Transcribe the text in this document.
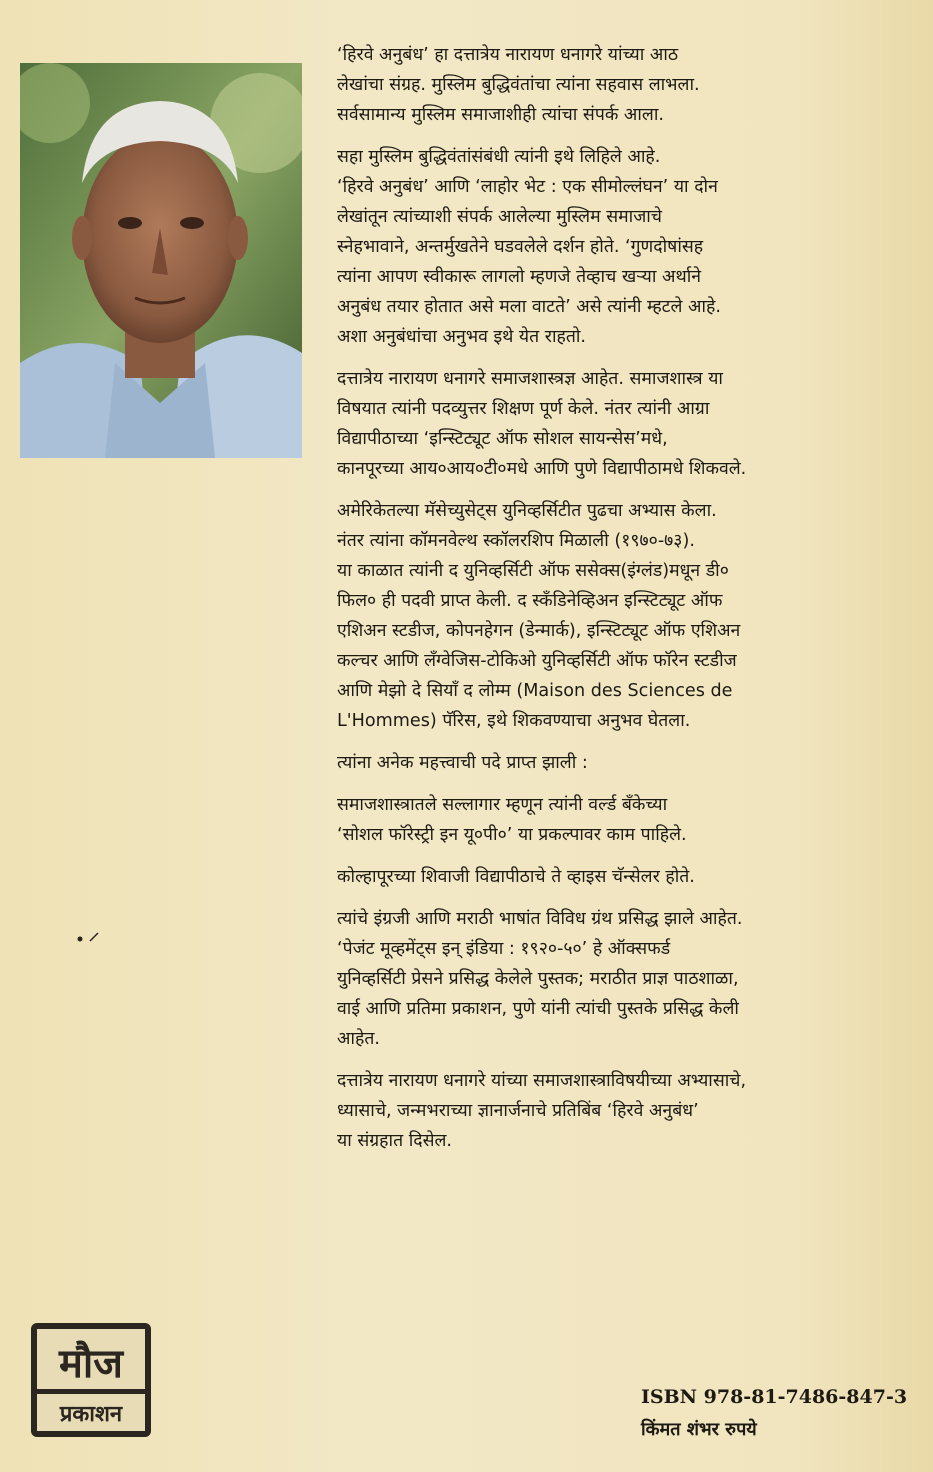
‘हिरवे अनुबंध’ हा दत्तात्रेय नारायण धनागरे यांच्या आठ
लेखांचा संग्रह. मुस्लिम बुद्धिवंतांचा त्यांना सहवास लाभला.
सर्वसामान्य मुस्लिम समाजाशीही त्यांचा संपर्क आला.

सहा मुस्लिम बुद्धिवंतांसंबंधी त्यांनी इथे लिहिले आहे.
‘हिरवे अनुबंध’ आणि ‘लाहोर भेट : एक सीमोल्लंघन’ या दोन
लेखांतून त्यांच्याशी संपर्क आलेल्या मुस्लिम समाजाचे
स्नेहभावाने, अन्तर्मुखतेने घडवलेले दर्शन होते. ‘गुणदोषांसह
त्यांना आपण स्वीकारू लागलो म्हणजे तेव्हाच खऱ्या अर्थाने
अनुबंध तयार होतात असे मला वाटते’ असे त्यांनी म्हटले आहे.
अशा अनुबंधांचा अनुभव इथे येत राहतो.

दत्तात्रेय नारायण धनागरे समाजशास्त्रज्ञ आहेत. समाजशास्त्र या
विषयात त्यांनी पदव्युत्तर शिक्षण पूर्ण केले. नंतर त्यांनी आग्रा
विद्यापीठाच्या ‘इन्स्टिट्यूट ऑफ सोशल सायन्सेस’मधे,
कानपूरच्या आय०आय०टी०मधे आणि पुणे विद्यापीठामधे शिकवले.

अमेरिकेतल्या मॅसेच्युसेट्स युनिव्हर्सिटीत पुढचा अभ्यास केला.
नंतर त्यांना कॉमनवेल्थ स्कॉलरशिप मिळाली (१९७०-७३).
या काळात त्यांनी द युनिव्हर्सिटी ऑफ ससेक्स(इंग्लंड)मधून डी०
फिल० ही पदवी प्राप्त केली. द स्कँडिनेव्हिअन इन्स्टिट्यूट ऑफ
एशिअन स्टडीज, कोपनहेगन (डेन्मार्क), इन्स्टिट्यूट ऑफ एशिअन
कल्चर आणि लँग्वेजिस-टोकिओ युनिव्हर्सिटी ऑफ फॉरेन स्टडीज
आणि मेझो दे सियाँ द लोम्म (Maison des Sciences de
L'Hommes) पॅरिस, इथे शिकवण्याचा अनुभव घेतला.

त्यांना अनेक महत्त्वाची पदे प्राप्त झाली :

समाजशास्त्रातले सल्लागार म्हणून त्यांनी वर्ल्ड बँकेच्या
‘सोशल फॉरेस्ट्री इन यू०पी०’ या प्रकल्पावर काम पाहिले.

कोल्हापूरच्या शिवाजी विद्यापीठाचे ते व्हाइस चॅन्सेलर होते.

त्यांचे इंग्रजी आणि मराठी भाषांत विविध ग्रंथ प्रसिद्ध झाले आहेत.
‘पेजंट मूव्हमेंट्स इन् इंडिया : १९२०-५०’ हे ऑक्सफर्ड
युनिव्हर्सिटी प्रेसने प्रसिद्ध केलेले पुस्तक; मराठीत प्राज्ञ पाठशाळा,
वाई आणि प्रतिमा प्रकाशन, पुणे यांनी त्यांची पुस्तके प्रसिद्ध केली
आहेत.

दत्तात्रेय नारायण धनागरे यांच्या समाजशास्त्राविषयीच्या अभ्यासाचे,
ध्यासाचे, जन्मभराच्या ज्ञानार्जनाचे प्रतिबिंब ‘हिरवे अनुबंध’
या संग्रहात दिसेल.

मौज
प्रकाशन
ISBN 978-81-7486-847-3
किंमत शंभर रुपये
